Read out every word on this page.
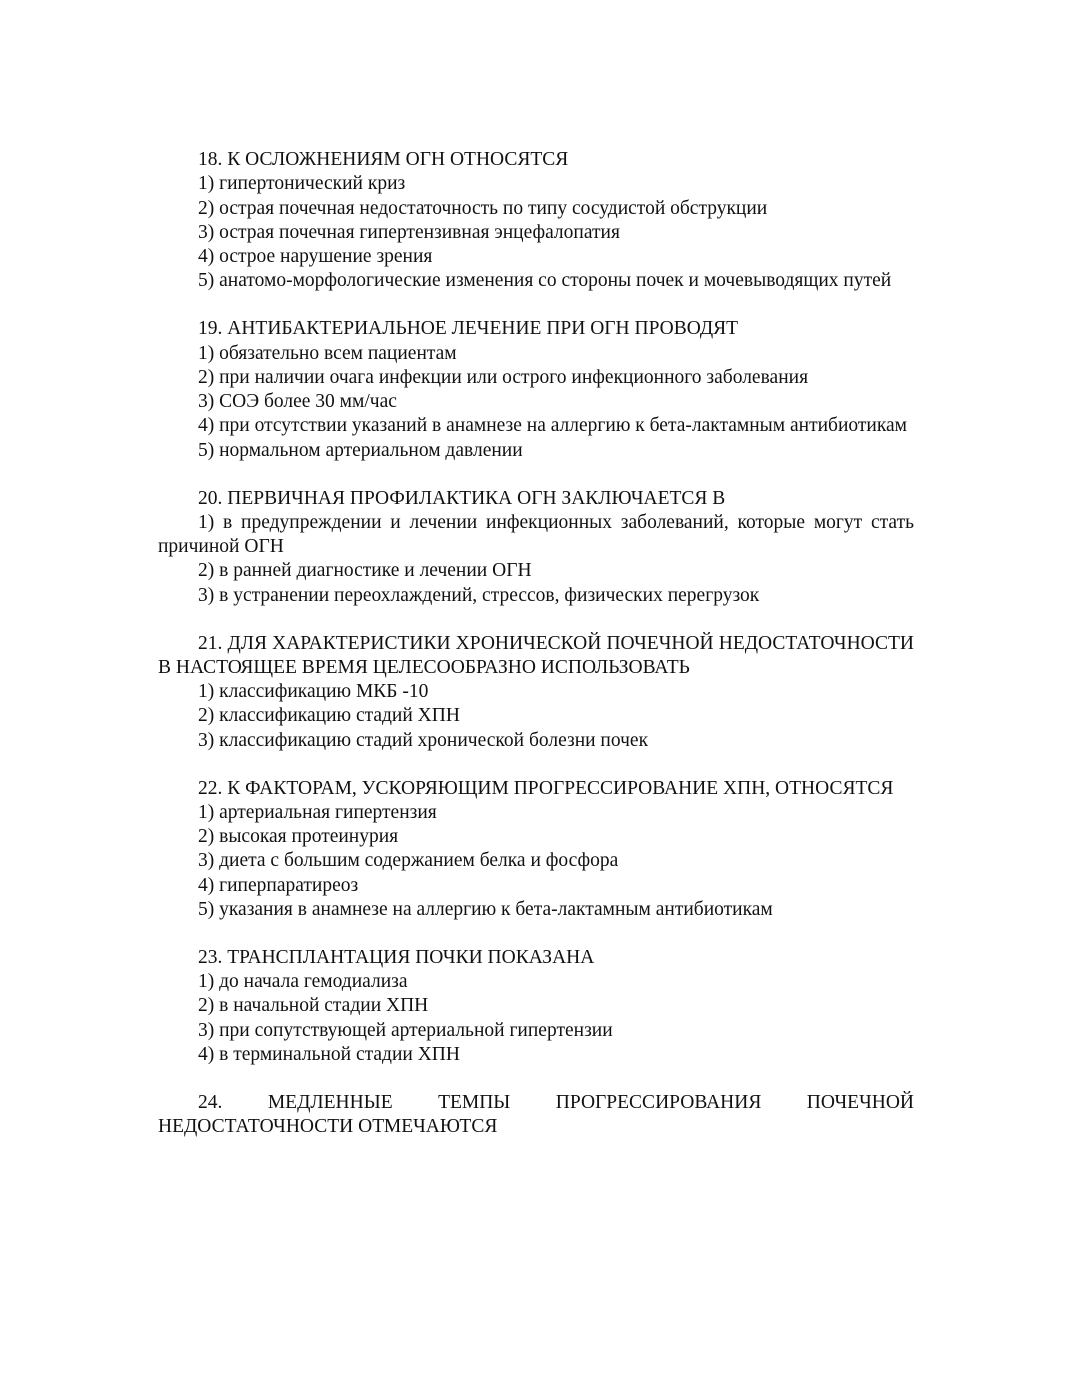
18. К ОСЛОЖНЕНИЯМ ОГН ОТНОСЯТСЯ

1) гипертонический криз

2) острая почечная недостаточность по типу сосудистой обструкции

3) острая почечная гипертензивная энцефалопатия

4) острое нарушение зрения

5) анатомо-морфологические изменения со стороны почек и мочевыводящих путей

19. АНТИБАКТЕРИАЛЬНОЕ ЛЕЧЕНИЕ ПРИ ОГН ПРОВОДЯТ

1) обязательно всем пациентам

2) при наличии очага инфекции или острого инфекционного заболевания

3) СОЭ более 30 мм/час

4) при отсутствии указаний в анамнезе на аллергию к бета-лактамным антибиотикам

5) нормальном артериальном давлении

20. ПЕРВИЧНАЯ ПРОФИЛАКТИКА ОГН ЗАКЛЮЧАЕТСЯ В

1) в предупреждении и лечении инфекционных заболеваний, которые могут стать причиной ОГН

2) в ранней диагностике и лечении ОГН

3) в устранении переохлаждений, стрессов, физических перегрузок

21. ДЛЯ ХАРАКТЕРИСТИКИ ХРОНИЧЕСКОЙ ПОЧЕЧНОЙ НЕДОСТАТОЧНОСТИ В НАСТОЯЩЕЕ ВРЕМЯ ЦЕЛЕСООБРАЗНО ИСПОЛЬЗОВАТЬ

1) классификацию МКБ -10

2) классификацию стадий ХПН

3) классификацию стадий хронической болезни почек

22. К ФАКТОРАМ, УСКОРЯЮЩИМ ПРОГРЕССИРОВАНИЕ ХПН, ОТНОСЯТСЯ

1) артериальная гипертензия

2) высокая протеинурия

3) диета с большим содержанием белка и фосфора

4) гиперпаратиреоз

5) указания в анамнезе на аллергию к бета-лактамным антибиотикам

23. ТРАНСПЛАНТАЦИЯ ПОЧКИ ПОКАЗАНА

1) до начала гемодиализа

2) в начальной стадии ХПН

3) при сопутствующей артериальной гипертензии

4) в терминальной стадии ХПН

24. МЕДЛЕННЫЕ ТЕМПЫ ПРОГРЕССИРОВАНИЯ ПОЧЕЧНОЙ НЕДОСТАТОЧНОСТИ ОТМЕЧАЮТСЯ
